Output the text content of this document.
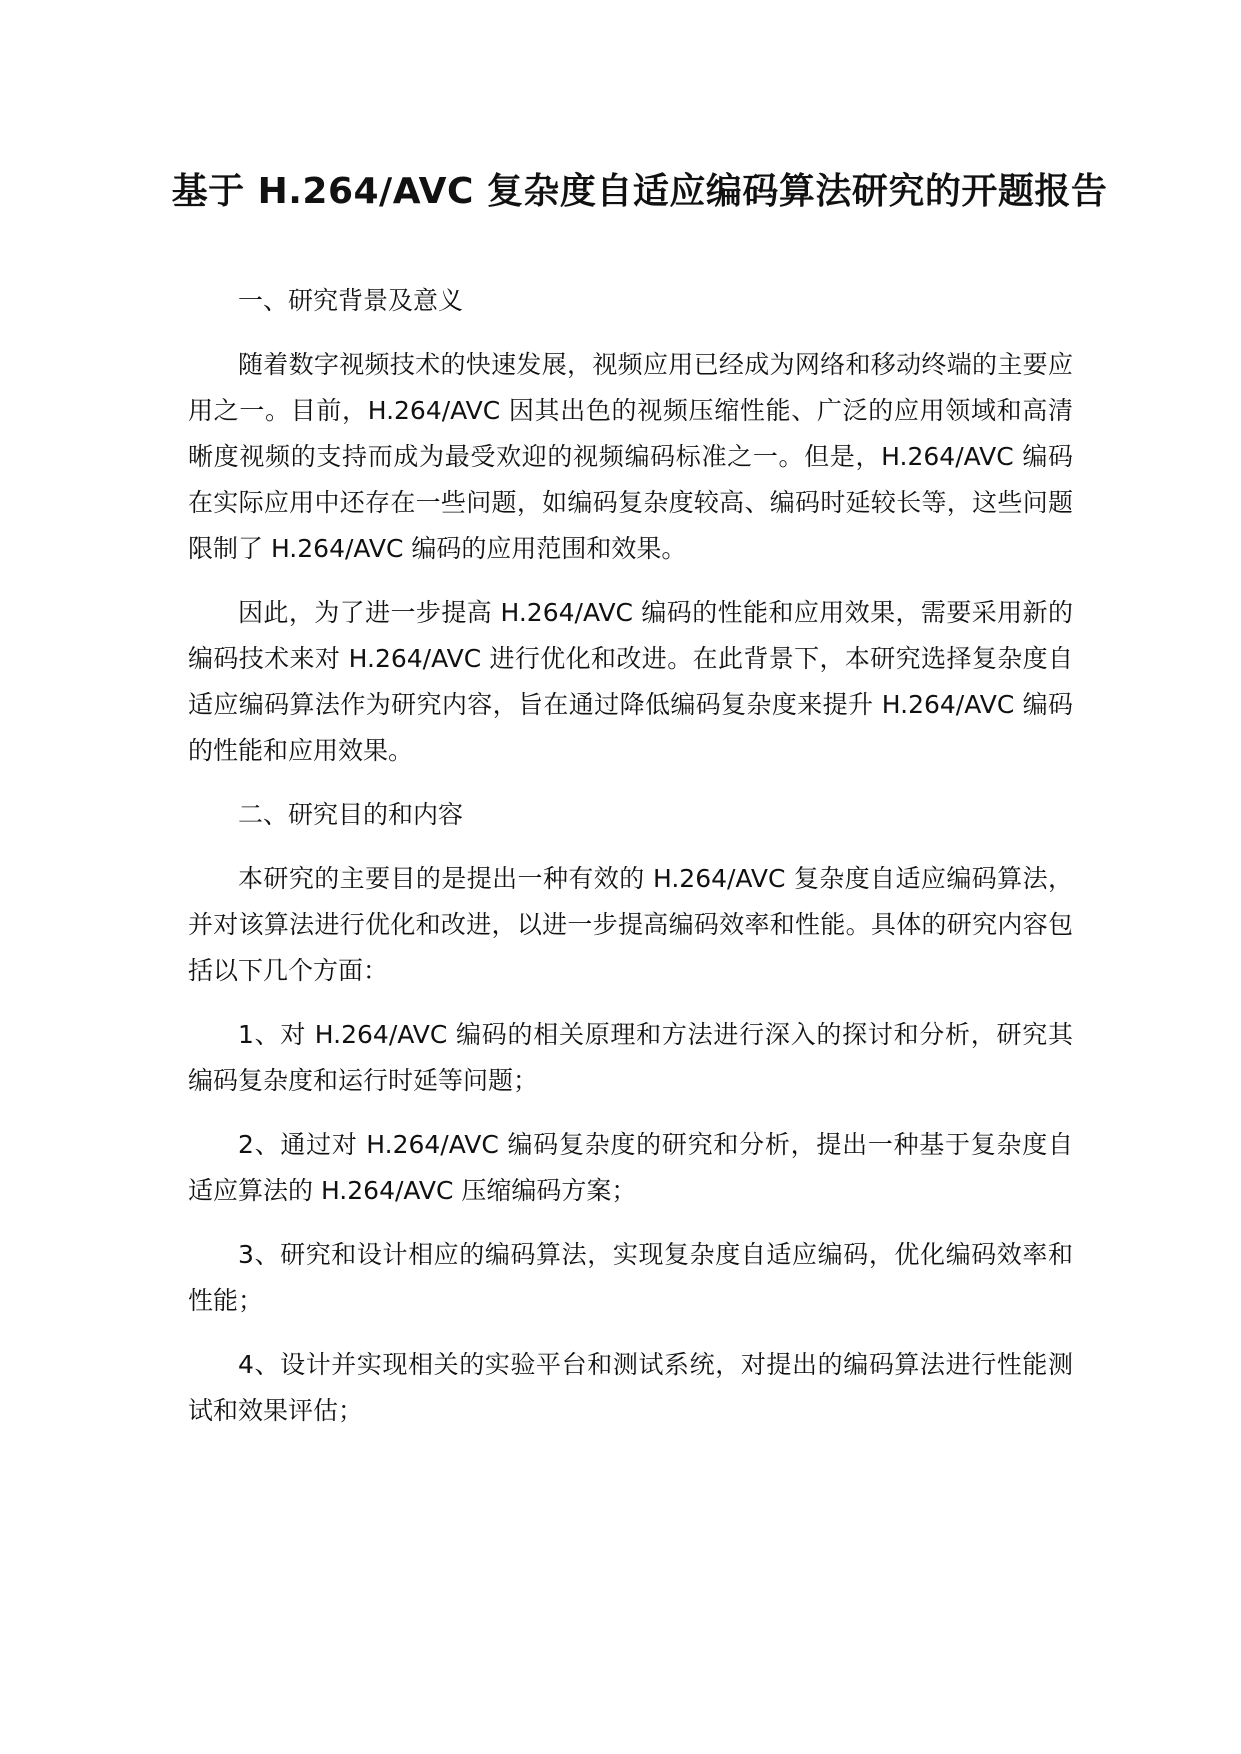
基于 H.264/AVC 复杂度自适应编码算法研究的开题报告
一、研究背景及意义
随着数字视频技术的快速发展，视频应用已经成为网络和移动终端的主要应用之一。目前，H.264/AVC 因其出色的视频压缩性能、广泛的应用领域和高清晰度视频的支持而成为最受欢迎的视频编码标准之一。但是，H.264/AVC 编码在实际应用中还存在一些问题，如编码复杂度较高、编码时延较长等，这些问题限制了 H.264/AVC 编码的应用范围和效果。
因此，为了进一步提高 H.264/AVC 编码的性能和应用效果，需要采用新的编码技术来对 H.264/AVC 进行优化和改进。在此背景下，本研究选择复杂度自适应编码算法作为研究内容，旨在通过降低编码复杂度来提升 H.264/AVC 编码的性能和应用效果。
二、研究目的和内容
本研究的主要目的是提出一种有效的 H.264/AVC 复杂度自适应编码算法，并对该算法进行优化和改进，以进一步提高编码效率和性能。具体的研究内容包括以下几个方面：
1、对 H.264/AVC 编码的相关原理和方法进行深入的探讨和分析，研究其编码复杂度和运行时延等问题；
2、通过对 H.264/AVC 编码复杂度的研究和分析，提出一种基于复杂度自适应算法的 H.264/AVC 压缩编码方案；
3、研究和设计相应的编码算法，实现复杂度自适应编码，优化编码效率和性能；
4、设计并实现相关的实验平台和测试系统，对提出的编码算法进行性能测试和效果评估；
